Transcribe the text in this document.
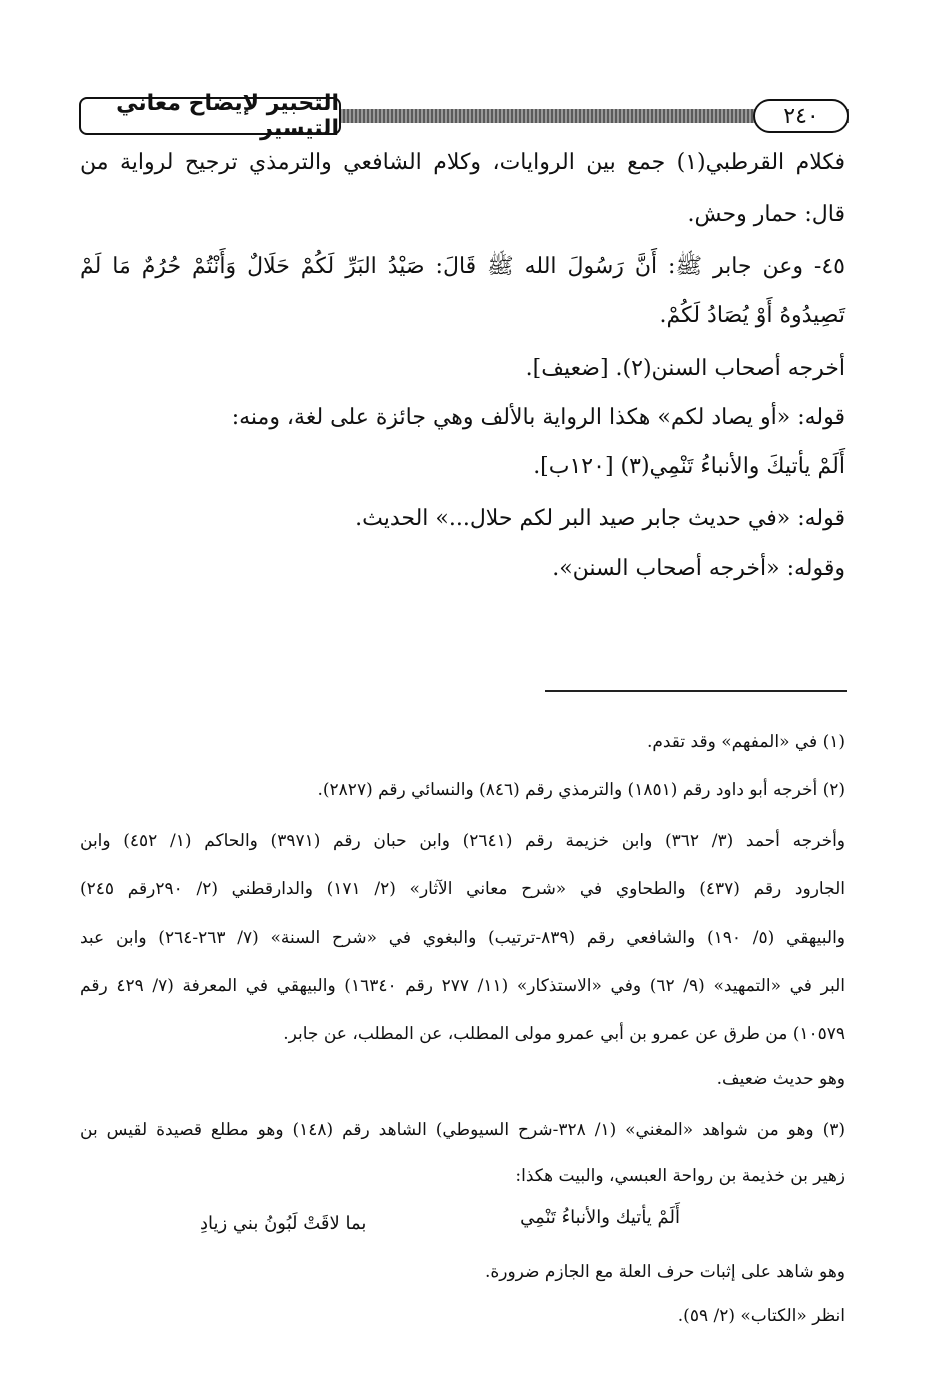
التحبير لإيضاح معاني التيسير	٢٤٠
فكلام القرطبي(١) جمع بين الروايات، وكلام الشافعي والترمذي ترجيح لرواية من
قال: حمار وحش.
٤٥- وعن جابر ﷺ: أَنَّ رَسُولَ الله ﷺ قَالَ: صَيْدُ البَرِّ لَكُمْ حَلَالٌ وَأَنْتُمْ حُرُمٌ مَا لَمْ
تَصِيدُوهُ أَوْ يُصَادُ لَكُمْ.
أخرجه أصحاب السنن(٢). [ضعيف].
قوله: «أو يصاد لكم» هكذا الرواية بالألف وهي جائزة على لغة، ومنه:
أَلَمْ يأتيكَ والأنباءُ تَنْمِي(٣) [١٢٠ب].
قوله: «في حديث جابر صيد البر لكم حلال...» الحديث.
وقوله: «أخرجه أصحاب السنن».
(١) في «المفهم» وقد تقدم.
(٢) أخرجه أبو داود رقم (١٨٥١) والترمذي رقم (٨٤٦) والنسائي رقم (٢٨٢٧).
وأخرجه أحمد (٣/ ٣٦٢) وابن خزيمة رقم (٢٦٤١) وابن حبان رقم (٣٩٧١) والحاكم (١/ ٤٥٢) وابن
الجارود رقم (٤٣٧) والطحاوي في «شرح معاني الآثار» (٢/ ١٧١) والدارقطني (٢/ ٢٩٠رقم ٢٤٥)
والبيهقي (٥/ ١٩٠) والشافعي رقم (٨٣٩-ترتيب) والبغوي في «شرح السنة» (٧/ ٢٦٣-٢٦٤) وابن عبد
البر في «التمهيد» (٩/ ٦٢) وفي «الاستذكار» (١١/ ٢٧٧ رقم ١٦٣٤٠) والبيهقي في المعرفة (٧/ ٤٢٩ رقم
١٠٥٧٩) من طرق عن عمرو بن أبي عمرو مولى المطلب، عن المطلب، عن جابر.
وهو حديث ضعيف.
(٣) وهو من شواهد «المغني» (١/ ٣٢٨-شرح السيوطي) الشاهد رقم (١٤٨) وهو مطلع قصيدة لقيس بن
زهير بن خذيمة بن رواحة العبسي، والبيت هكذا:
أَلَمْ يأتيك والأنباءُ تَنْمِي
بما لاقَتْ لَبُونُ بني زيادِ
وهو شاهد على إثبات حرف العلة مع الجازم ضرورة.
انظر «الكتاب» (٢/ ٥٩).
